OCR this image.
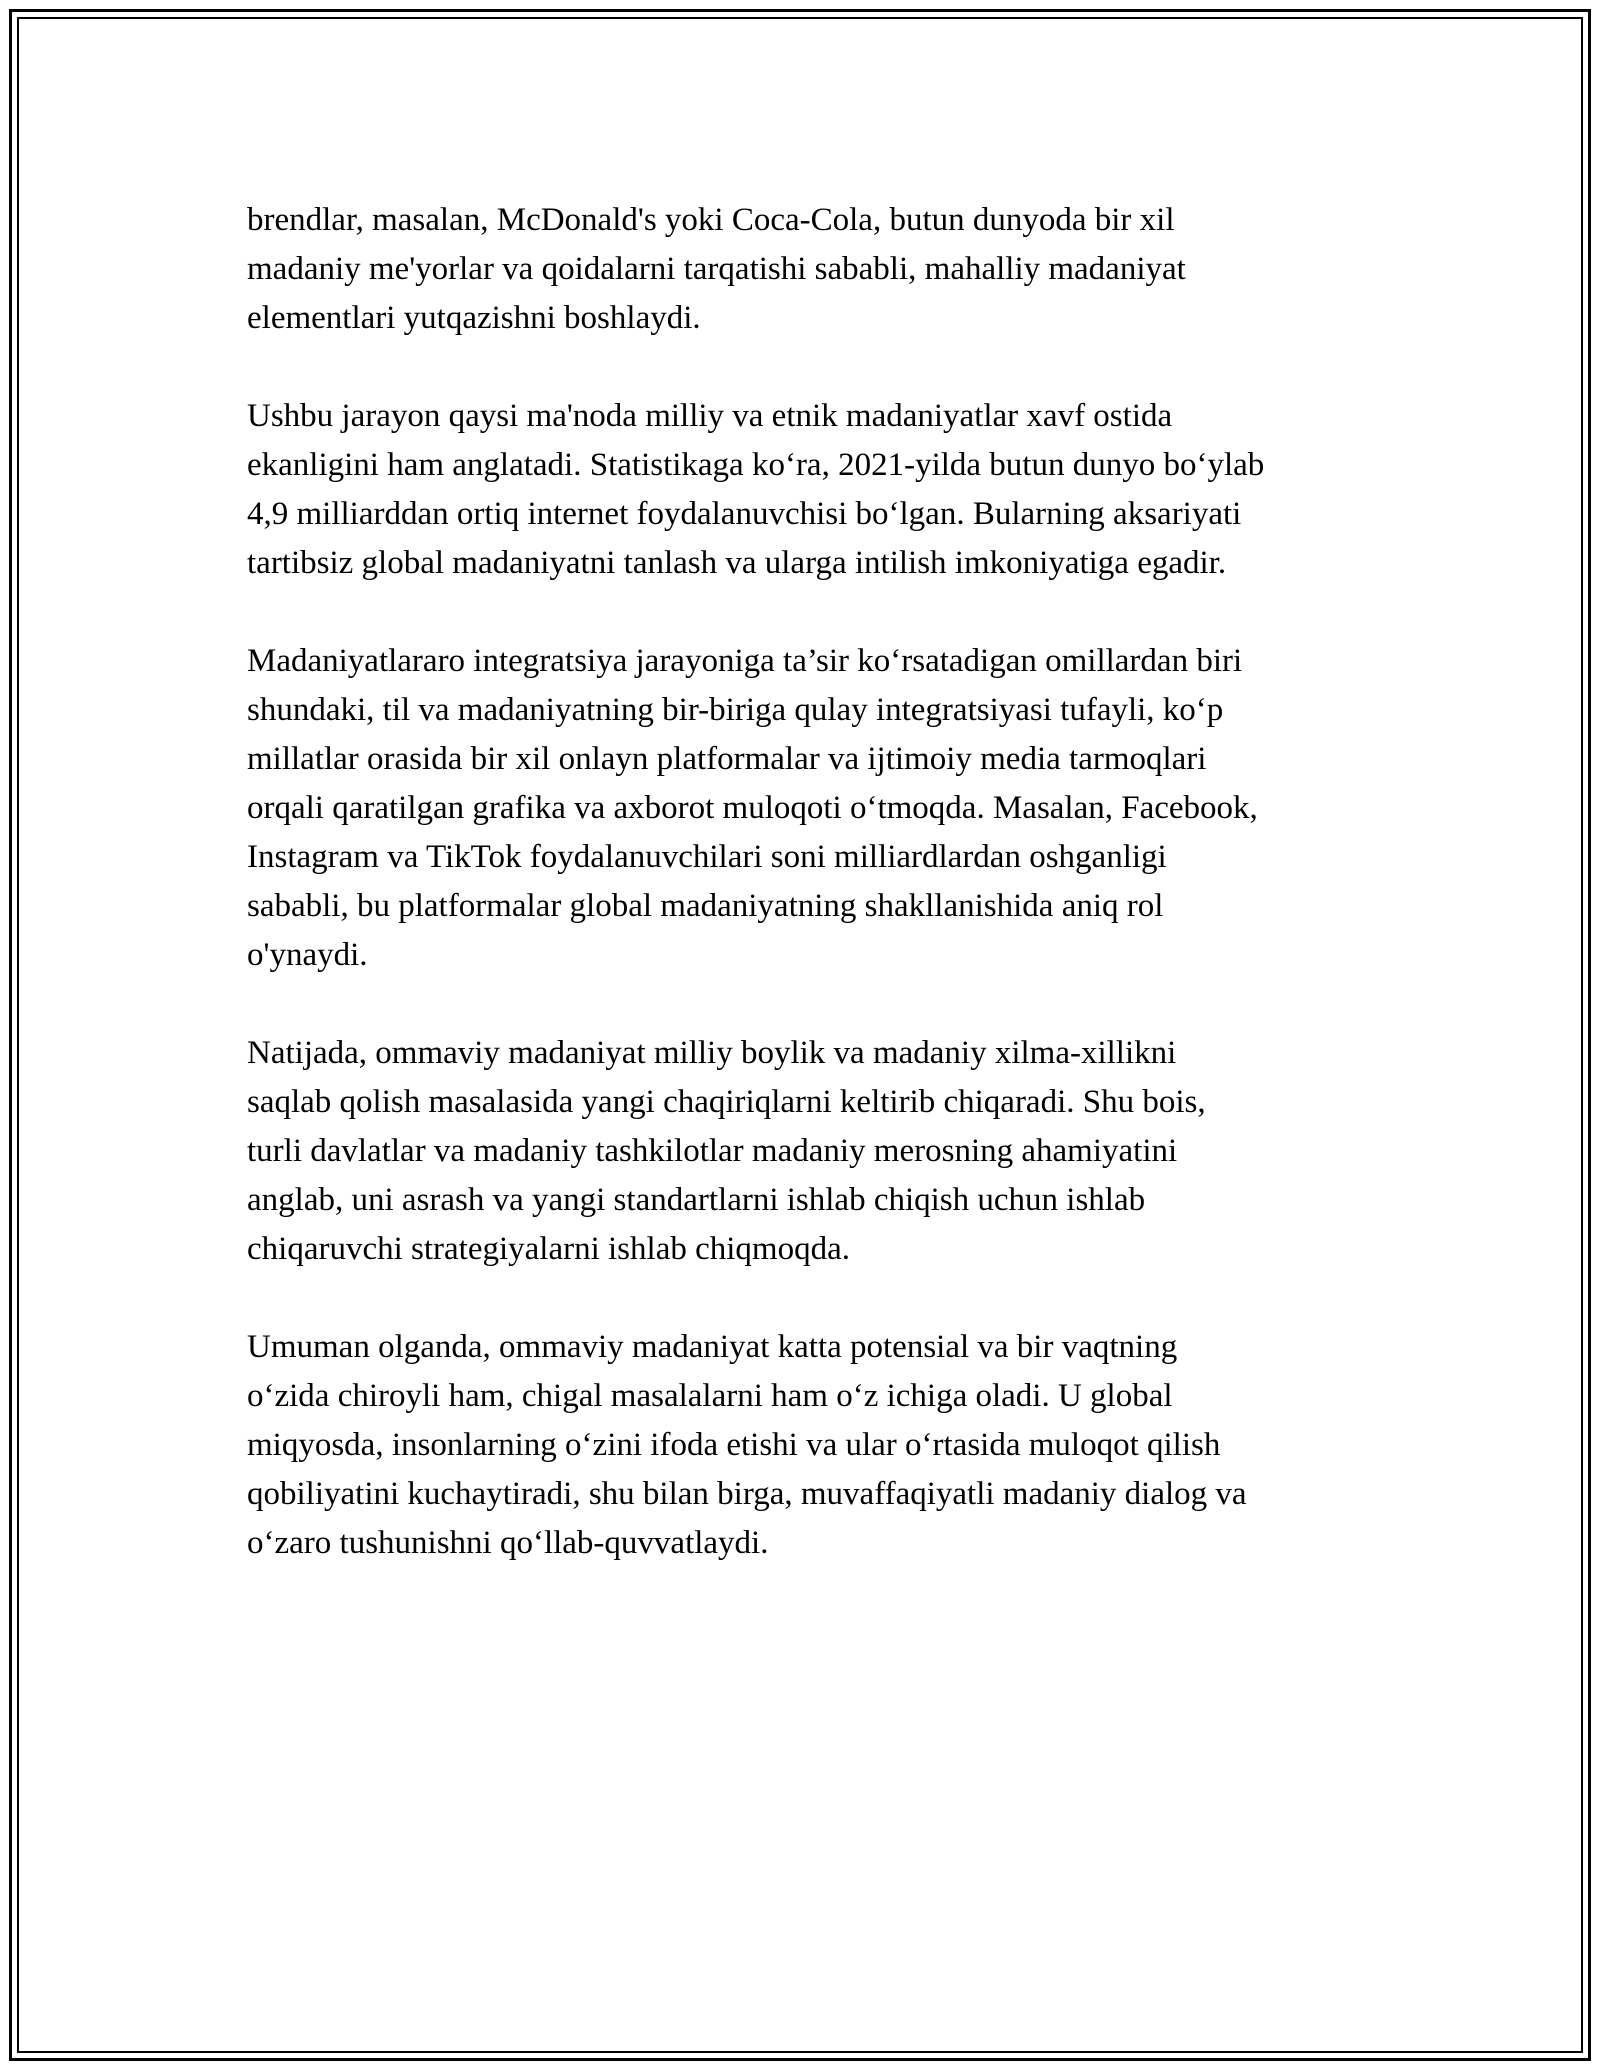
brendlar, masalan, McDonald's yoki Coca-Cola, butun dunyoda bir xil
madaniy me'yorlar va qoidalarni tarqatishi sababli, mahalliy madaniyat
elementlari yutqazishni boshlaydi.

Ushbu jarayon qaysi ma'noda milliy va etnik madaniyatlar xavf ostida
ekanligini ham anglatadi. Statistikaga koʻra, 2021-yilda butun dunyo boʻylab
4,9 milliarddan ortiq internet foydalanuvchisi boʻlgan. Bularning aksariyati
tartibsiz global madaniyatni tanlash va ularga intilish imkoniyatiga egadir.

Madaniyatlararo integratsiya jarayoniga ta’sir koʻrsatadigan omillardan biri
shundaki, til va madaniyatning bir-biriga qulay integratsiyasi tufayli, koʻp
millatlar orasida bir xil onlayn platformalar va ijtimoiy media tarmoqlari
orqali qaratilgan grafika va axborot muloqoti oʻtmoqda. Masalan, Facebook,
Instagram va TikTok foydalanuvchilari soni milliardlardan oshganligi
sababli, bu platformalar global madaniyatning shakllanishida aniq rol
o'ynaydi.

Natijada, ommaviy madaniyat milliy boylik va madaniy xilma-xillikni
saqlab qolish masalasida yangi chaqiriqlarni keltirib chiqaradi. Shu bois,
turli davlatlar va madaniy tashkilotlar madaniy merosning ahamiyatini
anglab, uni asrash va yangi standartlarni ishlab chiqish uchun ishlab
chiqaruvchi strategiyalarni ishlab chiqmoqda.

Umuman olganda, ommaviy madaniyat katta potensial va bir vaqtning
oʻzida chiroyli ham, chigal masalalarni ham oʻz ichiga oladi. U global
miqyosda, insonlarning oʻzini ifoda etishi va ular oʻrtasida muloqot qilish
qobiliyatini kuchaytiradi, shu bilan birga, muvaffaqiyatli madaniy dialog va
oʻzaro tushunishni qoʻllab-quvvatlaydi.
